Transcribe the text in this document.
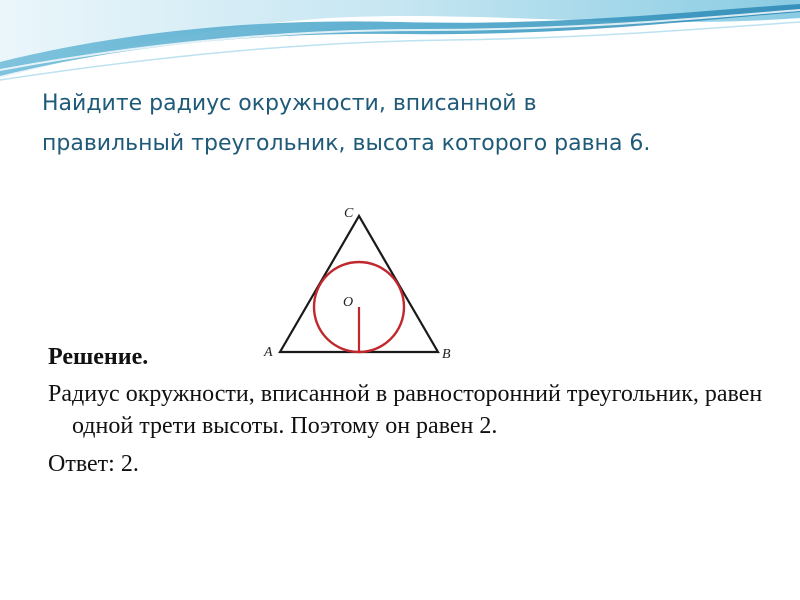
Найдите радиус окружности, вписанной в
правильный треугольник, высота которого равна 6.
C
O
A	B

Решение.

Радиус окружности, вписанной в равносторонний треугольник, равен одной трети высоты. Поэтому он равен 2.

Ответ: 2.
